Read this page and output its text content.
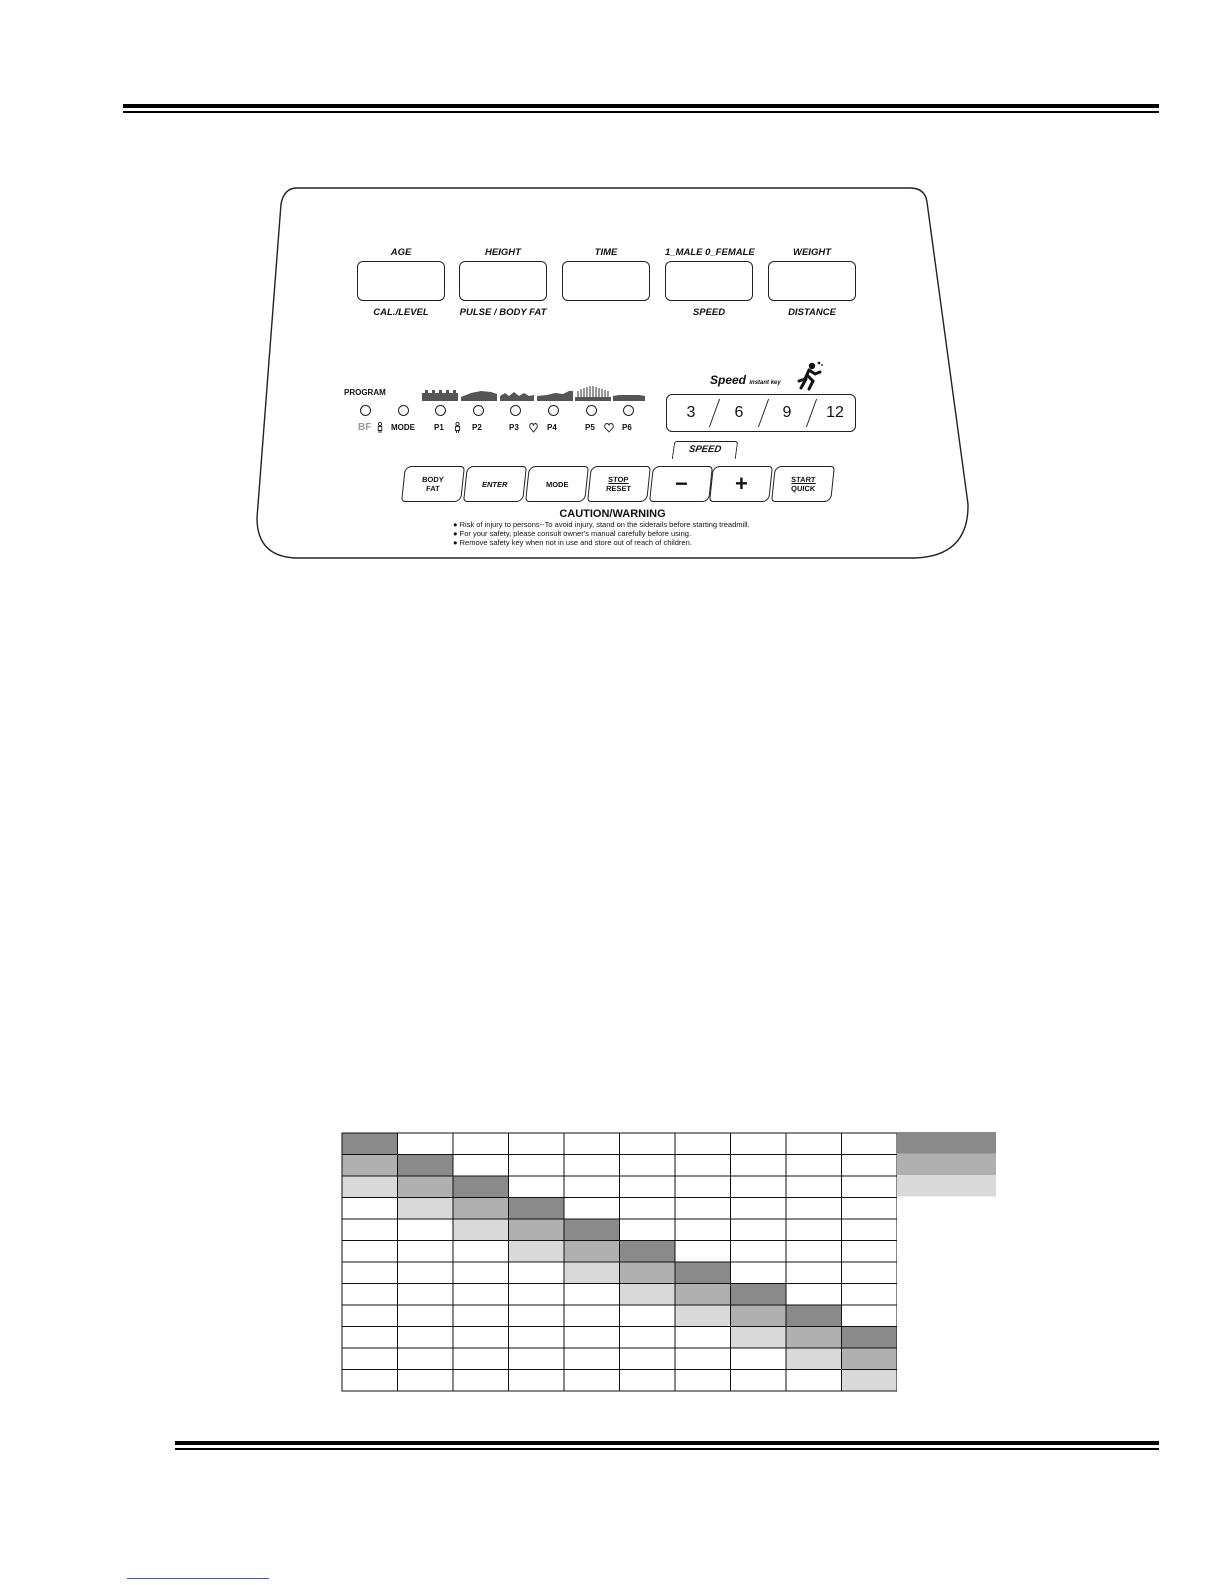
AGE	HEIGHT	TIME	1_MALE 0_FEMALE	WEIGHT
CAL./LEVEL	PULSE / BODY FAT	SPEED	DISTANCE
PROGRAM
BF MODE P1	P2	P3	P4	P5	P6
Speed instant key
3	6	9	12
SPEED
BODY
FAT	ENTER	MODE	STOP
RESET − +	START
QUICK
CAUTION/WARNING
● Risk of injury to persons--To avoid injury, stand on the siderails before starting treadmill.
● For your safety, please consult owner's manual carefully before using.
● Remove safety key when not in use and store out of reach of children.
